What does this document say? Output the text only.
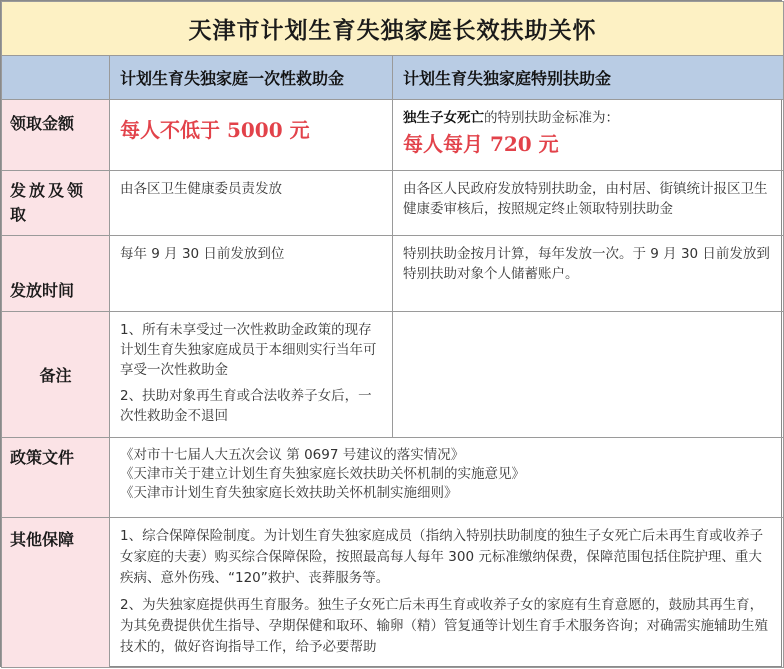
天津市计划生育失独家庭长效扶助关怀		
	计划生育失独家庭一次性救助金	计划生育失独家庭特别扶助金

领取金额	每人不低于 5000 元	独生子女死亡的特别扶助金标准为：
每人每月 720 元

发放及领取	由各区卫生健康委员责发放	由各区人民政府发放特别扶助金，由村居、街镇统计报区卫生健康委审核后，按照规定终止领取特别扶助金

发放时间	每年 9 月 30 日前发放到位	特别扶助金按月计算，每年发放一次。于 9 月 30 日前发放到特别扶助对象个人储蓄账户。

备注	1、所有未享受过一次性救助金政策的现存计划生育失独家庭成员于本细则实行当年可享受一次性救助金

2、扶助对象再生育或合法收养子女后，一次性救助金不退回	

政策文件	《对市十七届人大五次会议 第 0697 号建议的落实情况》

《天津市关于建立计划生育失独家庭长效扶助关怀机制的实施意见》

《天津市计划生育失独家庭长效扶助关怀机制实施细则》	

其他保障	1、综合保障保险制度。为计划生育失独家庭成员（指纳入特别扶助制度的独生子女死亡后未再生育或收养子女家庭的夫妻）购买综合保障保险，按照最高每人每年 300 元标准缴纳保费，保障范围包括住院护理、重大疾病、意外伤残、“120”救护、丧葬服务等。

2、为失独家庭提供再生育服务。独生子女死亡后未再生育或收养子女的家庭有生育意愿的，鼓励其再生育，为其免费提供优生指导、孕期保健和取环、输卵（精）管复通等计划生育手术服务咨询；对确需实施辅助生殖技术的，做好咨询指导工作，给予必要帮助	
